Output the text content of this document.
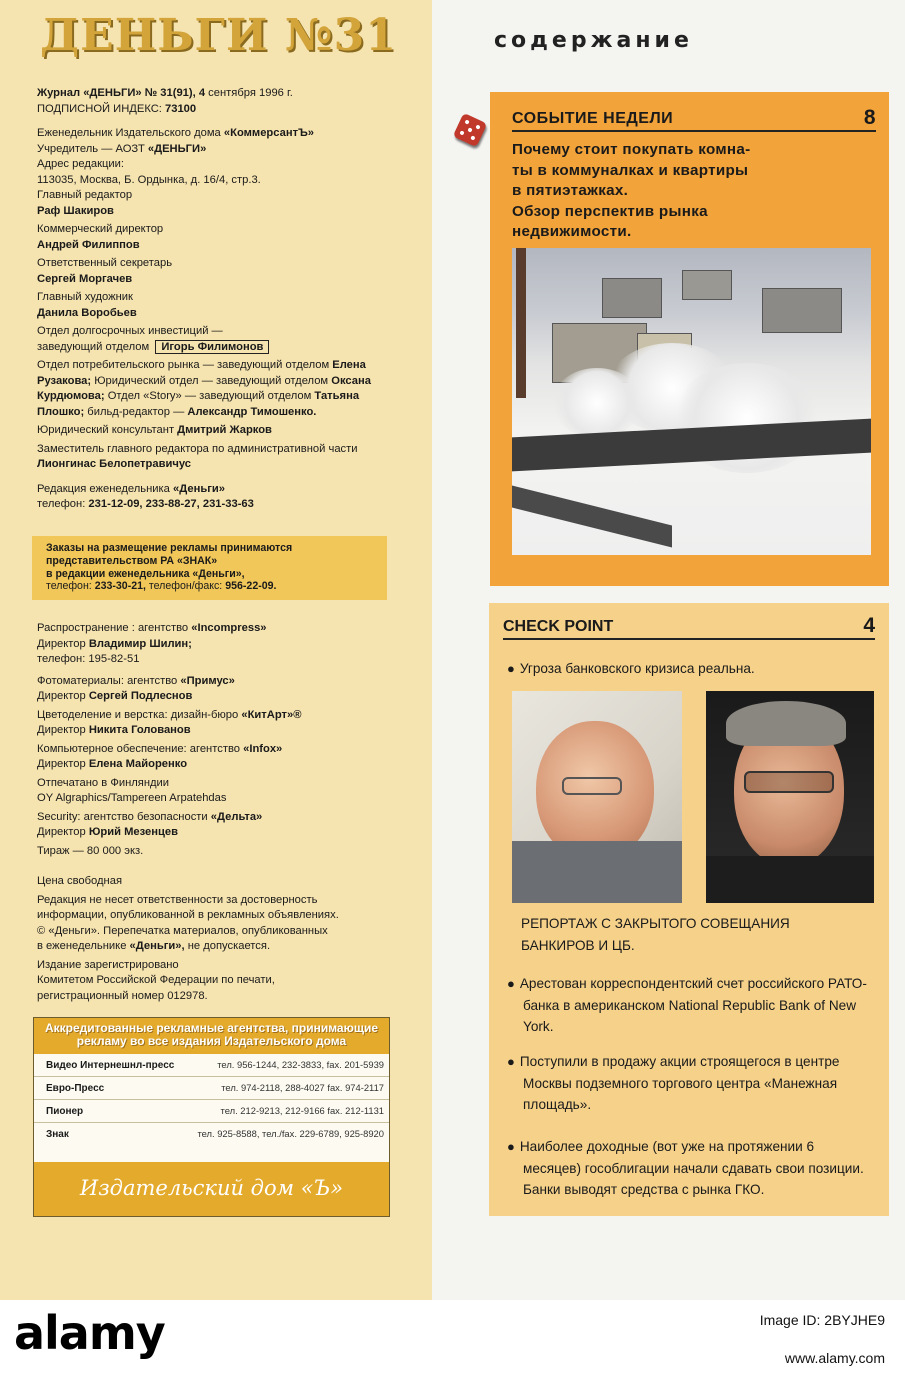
ДЕНЬГИ №31	содержание
Журнал «ДЕНЬГИ» № 31(91), 4 сентября 1996 г.
ПОДПИСНОЙ ИНДЕКС: 73100
Еженедельник Издательского дома «КоммерсантЪ»
Учредитель — АОЗТ «ДЕНЬГИ»
Адрес редакции:
113035, Москва, Б. Ордынка, д. 16/4, стр.3.
Главный редактор
Раф Шакиров
Коммерческий директор
Андрей Филиппов
Ответственный секретарь
Сергей Моргачев
Главный художник
Данила Воробьев
Отдел долгосрочных инвестиций —
заведующий отделом Игорь Филимонов
Отдел потребительского рынка — заведующий отделом Елена
Рузакова; Юридический отдел — заведующий отделом Оксана
Курдюмова; Отдел «Story» — заведующий отделом Татьяна
Плошко; бильд-редактор — Александр Тимошенко.
Юридический консультант Дмитрий Жарков
Заместитель главного редактора по административной части
Лионгинас Белопетравичус
Редакция еженедельника «Деньги»
телефон: 231-12-09, 233-88-27, 231-33-63
Заказы на размещение рекламы принимаются
представительством РА «ЗНАК»
в редакции еженедельника «Деньги»,
телефон: 233-30-21, телефон/факс: 956-22-09.
Распространение : агентство «Incompress»
Директор Владимир Шилин;
телефон: 195-82-51
Фотоматериалы: агентство «Примус»
Директор Сергей Подлеснов
Цветоделение и верстка: дизайн-бюро «КитАрт»®
Директор Никита Голованов
Компьютерное обеспечение: агентство «Infox»
Директор Елена Майоренко
Отпечатано в Финляндии
OY Algraphics/Tampereen Arpatehdas
Security: агентство безопасности «Дельта»
Директор Юрий Мезенцев
Тираж — 80 000 экз.
Цена свободная
Редакция не несет ответственности за достоверность
информации, опубликованной в рекламных объявлениях.
© «Деньги». Перепечатка материалов, опубликованных
в еженедельнике «Деньги», не допускается.
Издание зарегистрировано
Комитетом Российской Федерации по печати,
регистрационный номер 012978.
Аккредитованные рекламные агентства, принимающие рекламу во все издания Издательского дома
Видео Интернешнл-пресс	тел. 956-1244, 232-3833, fax. 201-5939
Евро-Пресс	тел. 974-2118, 288-4027 fax. 974-2117
Пионер	тел. 212-9213, 212-9166 fax. 212-1131
Знак	тел. 925-8588, тел./fax. 229-6789, 925-8920
Издательский дом «Ъ»
СОБЫТИЕ НЕДЕЛИ	8
Почему стоит покупать комна-
ты в коммуналках и квартиры
в пятиэтажках.
Обзор перспектив рынка
недвижимости.
CHECK POINT	4
● Угроза банковского кризиса реальна.
РЕПОРТАЖ С ЗАКРЫТОГО СОВЕЩАНИЯ БАНКИРОВ И ЦБ.
● Арестован корреспондентский счет российского РАТО-банка в американском National Republic Bank of New York.
● Поступили в продажу акции строящегося в центре Москвы подземного торгового центра «Манежная площадь».
● Наиболее доходные (вот уже на протяжении 6 месяцев) гособлигации начали сдавать свои позиции. Банки выводят средства с рынка ГКО.
alamy	Image ID: 2BYJHE9
www.alamy.com
